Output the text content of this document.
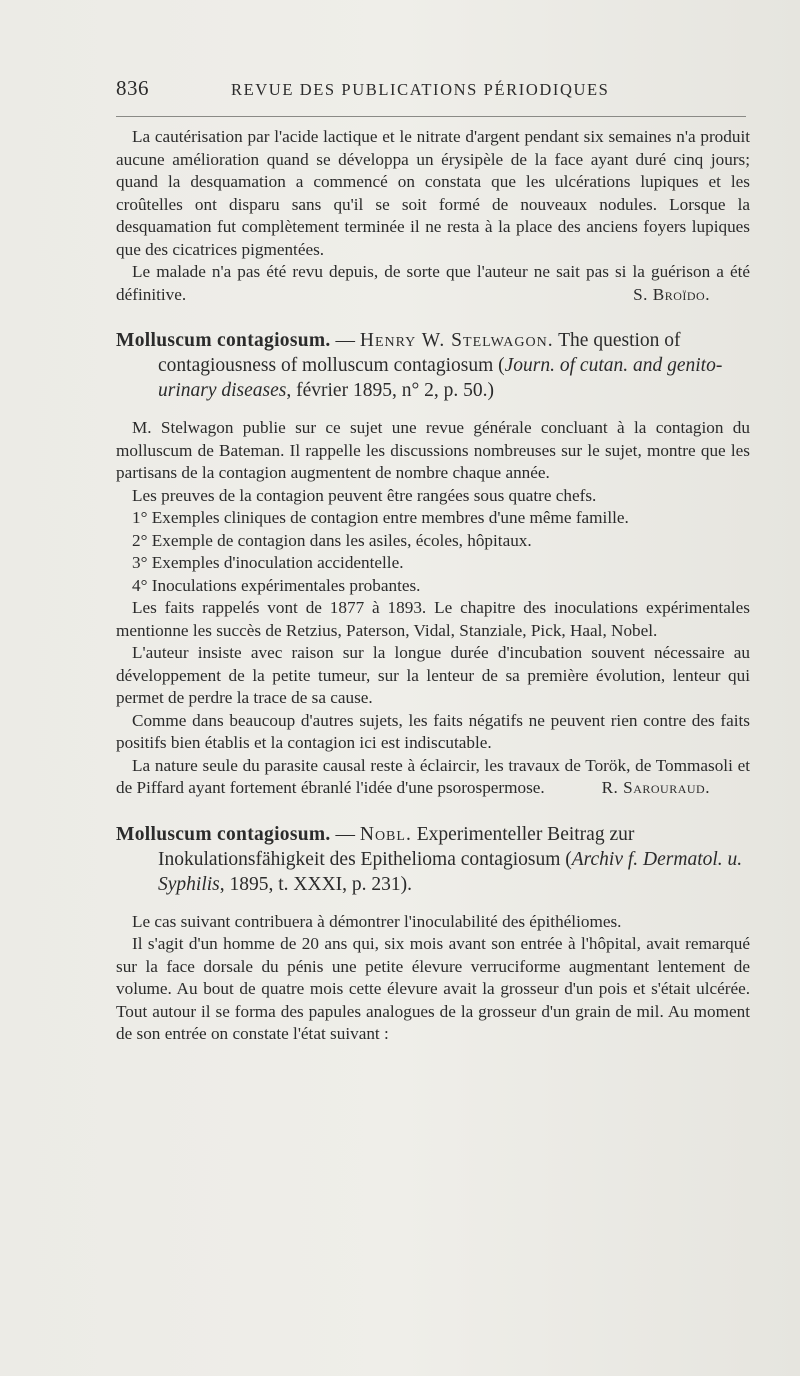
836	REVUE DES PUBLICATIONS PÉRIODIQUES

La cautérisation par l'acide lactique et le nitrate d'argent pendant six semaines n'a produit aucune amélioration quand se développa un érysipèle de la face ayant duré cinq jours; quand la desquamation a commencé on constata que les ulcérations lupiques et les croûtelles ont disparu sans qu'il se soit formé de nouveaux nodules. Lorsque la desquamation fut complètement terminée il ne resta à la place des anciens foyers lupiques que des cicatrices pigmentées.

Le malade n'a pas été revu depuis, de sorte que l'auteur ne sait pas si la guérison a été définitive.	S. Broïdo.

Molluscum contagiosum. — Henry W. Stelwagon. The question of contagiousness of molluscum contagiosum (Journ. of cutan. and genito-urinary diseases, février 1895, n° 2, p. 50.)

M. Stelwagon publie sur ce sujet une revue générale concluant à la contagion du molluscum de Bateman. Il rappelle les discussions nombreuses sur le sujet, montre que les partisans de la contagion augmentent de nombre chaque année.

Les preuves de la contagion peuvent être rangées sous quatre chefs.

1° Exemples cliniques de contagion entre membres d'une même famille.

2° Exemple de contagion dans les asiles, écoles, hôpitaux.

3° Exemples d'inoculation accidentelle.

4° Inoculations expérimentales probantes.

Les faits rappelés vont de 1877 à 1893. Le chapitre des inoculations expérimentales mentionne les succès de Retzius, Paterson, Vidal, Stanziale, Pick, Haal, Nobel.

L'auteur insiste avec raison sur la longue durée d'incubation souvent nécessaire au développement de la petite tumeur, sur la lenteur de sa première évolution, lenteur qui permet de perdre la trace de sa cause.

Comme dans beaucoup d'autres sujets, les faits négatifs ne peuvent rien contre des faits positifs bien établis et la contagion ici est indiscutable.

La nature seule du parasite causal reste à éclaircir, les travaux de Torök, de Tommasoli et de Piffard ayant fortement ébranlé l'idée d'une psorospermose.	R. Sarouraud.

Molluscum contagiosum. — Nobl. Experimenteller Beitrag zur Inokulationsfähigkeit des Epithelioma contagiosum (Archiv f. Dermatol. u. Syphilis, 1895, t. XXXI, p. 231).

Le cas suivant contribuera à démontrer l'inoculabilité des épithéliomes.

Il s'agit d'un homme de 20 ans qui, six mois avant son entrée à l'hôpital, avait remarqué sur la face dorsale du pénis une petite élevure verruciforme augmentant lentement de volume. Au bout de quatre mois cette élevure avait la grosseur d'un pois et s'était ulcérée. Tout autour il se forma des papules analogues de la grosseur d'un grain de mil. Au moment de son entrée on constate l'état suivant :
